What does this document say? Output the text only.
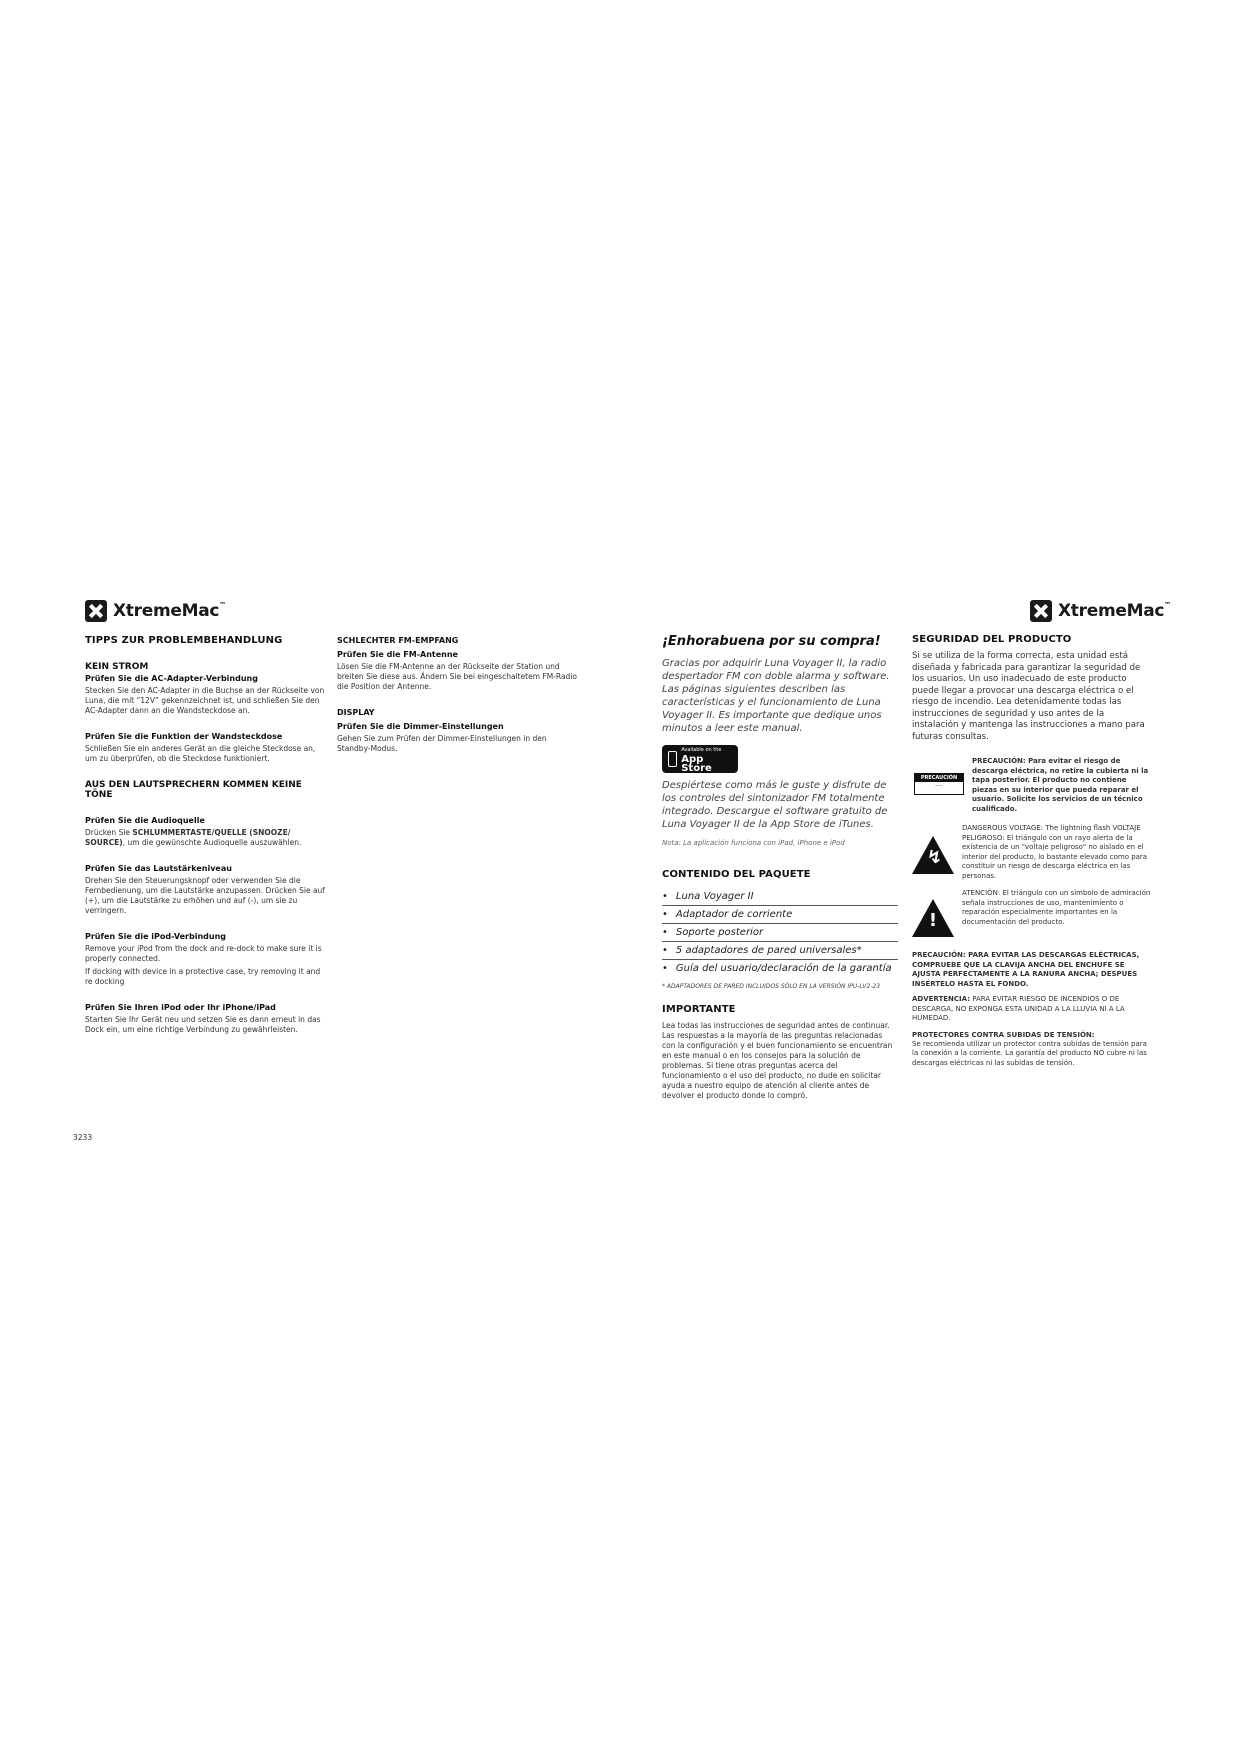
XtremeMac™
TIPPS ZUR PROBLEMBEHANDLUNG
KEIN STROM
Prüfen Sie die AC-Adapter-Verbindung
Stecken Sie den AC-Adapter in die Buchse an der Rückseite von Luna, die mit “12V” gekennzeichnet ist, und schließen Sie den AC-Adapter dann an die Wandsteckdose an.
Prüfen Sie die Funktion der Wandsteckdose
Schließen Sie ein anderes Gerät an die gleiche Steckdose an, um zu überprüfen, ob die Steckdose funktioniert.
AUS DEN LAUTSPRECHERN KOMMEN KEINE TÖNE
Prüfen Sie die Audioquelle
Drücken Sie SCHLUMMERTASTE/QUELLE (SNOOZE/ SOURCE), um die gewünschte Audioquelle auszuwählen.
Prüfen Sie das Lautstärkeniveau
Drehen Sie den Steuerungsknopf oder verwenden Sie die Fernbedienung, um die Lautstärke anzupassen. Drücken Sie auf (+), um die Lautstärke zu erhöhen und auf (-), um sie zu verringern.
Prüfen Sie die iPod-Verbindung
Remove your iPod from the dock and re-dock to make sure it is properly connected.
If docking with device in a protective case, try removing it and re docking
Prüfen Sie Ihren iPod oder Ihr iPhone/iPad
Starten Sie Ihr Gerät neu und setzen Sie es dann erneut in das Dock ein, um eine richtige Verbindung zu gewährleisten.
SCHLECHTER FM-EMPFANG
Prüfen Sie die FM-Antenne
Lösen Sie die FM-Antenne an der Rückseite der Station und breiten Sie diese aus. Ändern Sie bei eingeschaltetem FM-Radio die Position der Antenne.
DISPLAY
Prüfen Sie die Dimmer-Einstellungen
Gehen Sie zum Prüfen der Dimmer-Einstellungen in den Standby-Modus.
3233
¡Enhorabuena por su compra!
Gracias por adquirir Luna Voyager II, la radio despertador FM con doble alarma y software. Las páginas siguientes describen las características y el funcionamiento de Luna Voyager II. Es importante que dedique unos minutos a leer este manual.
Available on the
App Store
Despiértese como más le guste y disfrute de los controles del sintonizador FM totalmente integrado. Descargue el software gratuito de Luna Voyager II de la App Store de iTunes.
Nota: La aplicación funciona con iPad, iPhone e iPod
CONTENIDO DEL PAQUETE
• Luna Voyager II
• Adaptador de corriente
• Soporte posterior
• 5 adaptadores de pared universales*
• Guía del usuario/declaración de la garantía
* ADAPTADORES DE PARED INCLUIDOS SÓLO EN LA VERSIÓN IPU-LV2-23
IMPORTANTE
Lea todas las instrucciones de seguridad antes de continuar. Las respuestas a la mayoría de las preguntas relacionadas con la configuración y el buen funcionamiento se encuentran en este manual o en los consejos para la solución de problemas. Si tiene otras preguntas acerca del funcionamiento o el uso del producto, no dude en solicitar ayuda a nuestro equipo de atención al cliente antes de devolver el producto donde lo compró.
XtremeMac™
SEGURIDAD DEL PRODUCTO
Si se utiliza de la forma correcta, esta unidad está diseñada y fabricada para garantizar la seguridad de los usuarios. Un uso inadecuado de este producto puede llegar a provocar una descarga eléctrica o el riesgo de incendio. Lea detenidamente todas las instrucciones de seguridad y uso antes de la instalación y mantenga las instrucciones a mano para futuras consultas.
PRECAUCIÓN
────
PRECAUCIÓN: Para evitar el riesgo de descarga eléctrica, no retire la cubierta ni la tapa posterior. El producto no contiene piezas en su interior que pueda reparar el usuario. Solicite los servicios de un técnico cualificado.
↯
DANGEROUS VOLTAGE: The lightning flash VOLTAJE PELIGROSO: El triángulo con un rayo alerta de la existencia de un "voltaje peligroso" no aislado en el interior del producto, lo bastante elevado como para constituir un riesgo de descarga eléctrica en las personas.
!
ATENCIÓN: El triángulo con un símbolo de admiración señala instrucciones de uso, mantenimiento o reparación especialmente importantes en la documentación del producto.
PRECAUCIÓN: PARA EVITAR LAS DESCARGAS ELÉCTRICAS, COMPRUEBE QUE LA CLAVIJA ANCHA DEL ENCHUFE SE AJUSTA PERFECTAMENTE A LA RANURA ANCHA; DESPUÉS INSÉRTELO HASTA EL FONDO.
ADVERTENCIA: PARA EVITAR RIESGO DE INCENDIOS O DE DESCARGA, NO EXPONGA ESTA UNIDAD A LA LLUVIA NI A LA HUMEDAD.
PROTECTORES CONTRA SUBIDAS DE TENSIÓN:
Se recomienda utilizar un protector contra subidas de tensión para la conexión a la corriente. La garantía del producto NO cubre ni las descargas eléctricas ni las subidas de tensión.
